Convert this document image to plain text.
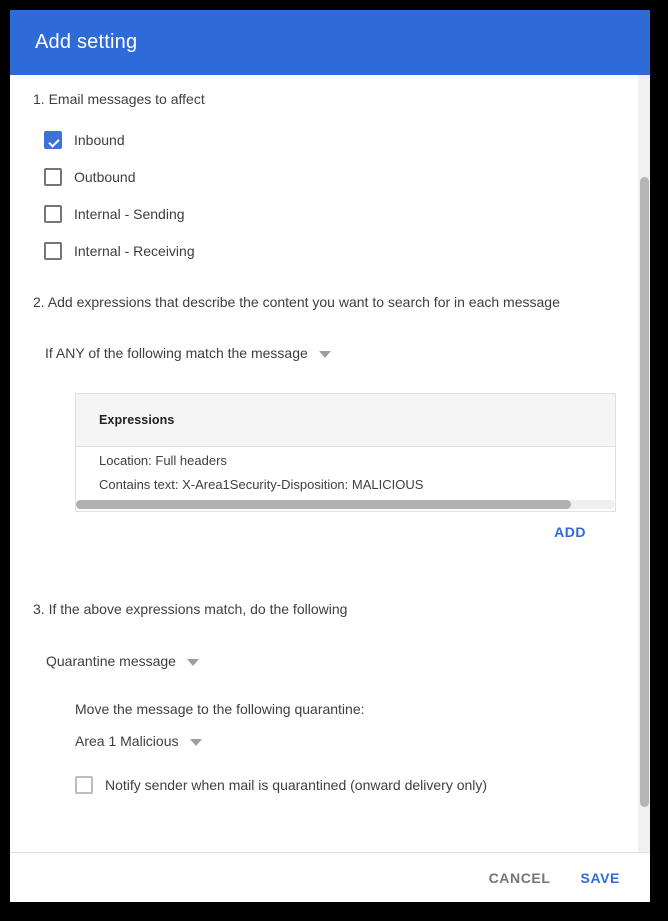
Add setting
1. Email messages to affect
Inbound
Outbound
Internal - Sending
Internal - Receiving
2. Add expressions that describe the content you want to search for in each message
If ANY of the following match the message
Expressions
Location: Full headers
Contains text: X-Area1Security-Disposition: MALICIOUS
ADD
3. If the above expressions match, do the following
Quarantine message
Move the message to the following quarantine:
Area 1 Malicious
Notify sender when mail is quarantined (onward delivery only)
CANCEL SAVE
